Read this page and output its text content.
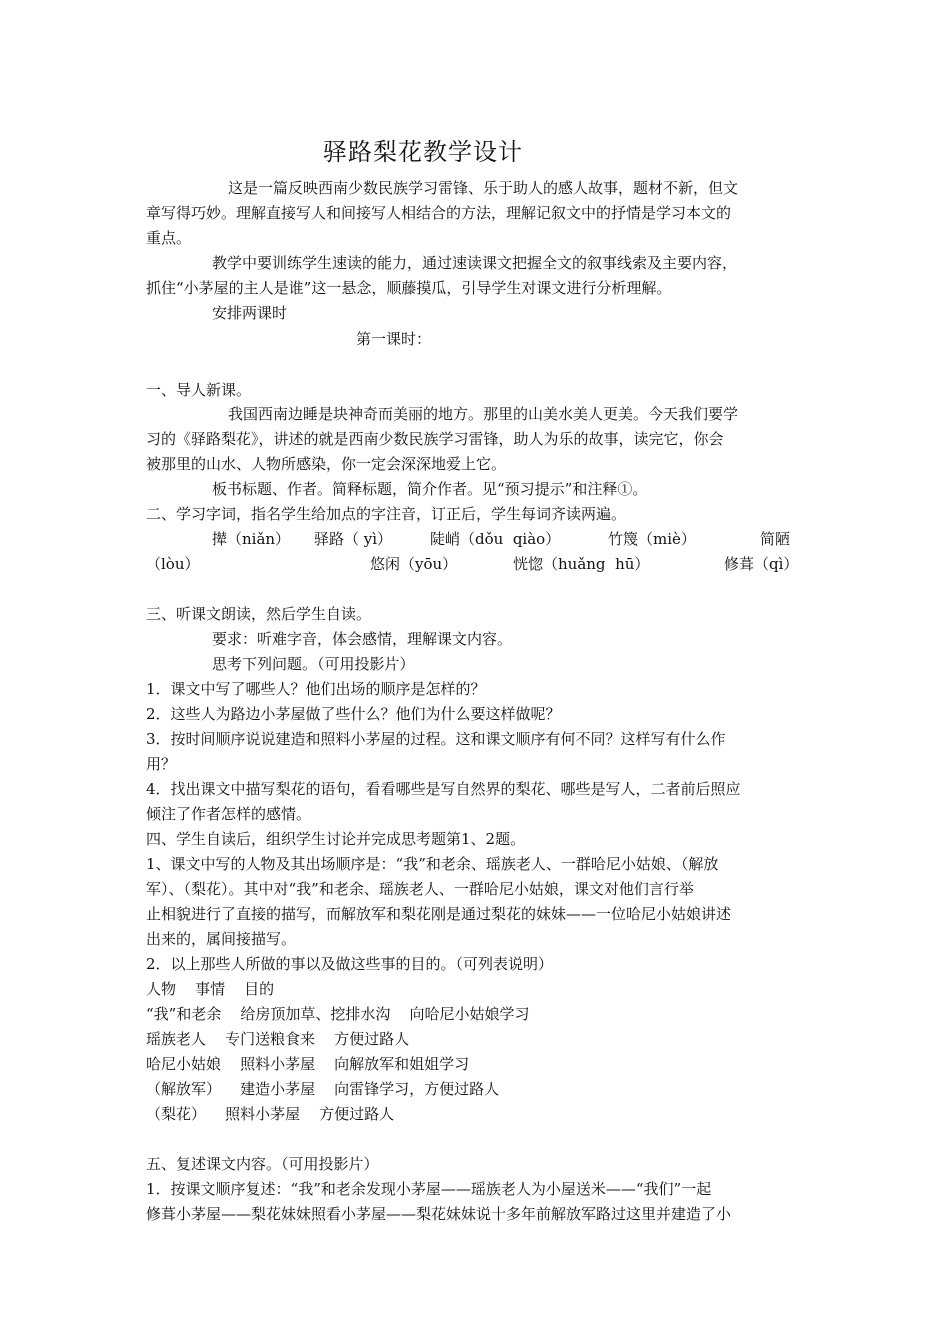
驿路梨花教学设计
这是一篇反映西南少数民族学习雷锋、乐于助人的感人故事，题材不新，但文
章写得巧妙。理解直接写人和间接写人相结合的方法，理解记叙文中的抒情是学习本文的
重点。
教学中要训练学生速读的能力，通过速读课文把握全文的叙事线索及主要内容，
抓住“小茅屋的主人是谁”这一悬念，顺藤摸瓜，引导学生对课文进行分析理解。
安排两课时
第一课时：
一、导人新课。
我国西南边睡是块神奇而美丽的地方。那里的山美水美人更美。今天我们要学
习的《驿路梨花》，讲述的就是西南少数民族学习雷锋，助人为乐的故事，读完它，你会
被那里的山水、人物所感染，你一定会深深地爱上它。
板书标题、作者。简释标题，简介作者。见“预习提示”和注释①。
二、学习字词，指名学生给加点的字注音，订正后，学生每词齐读两遍。
撵（niǎn） 驿路（ yì）	陡峭（dǒu  qiào）	竹篾（miè）	简陋
（lòu）	悠闲（yōu）	恍惚（huǎng  hū）	修葺（qì）
三、听课文朗读，然后学生自读。
要求：听难字音，体会感情，理解课文内容。
思考下列问题。（可用投影片）
1．课文中写了哪些人？他们出场的顺序是怎样的？
2．这些人为路边小茅屋做了些什么？他们为什么要这样做呢？
3．按时间顺序说说建造和照料小茅屋的过程。这和课文顺序有何不同？这样写有什么作
用？
4．找出课文中描写梨花的语句，看看哪些是写自然界的梨花、哪些是写人，二者前后照应
倾注了作者怎样的感情。
四、学生自读后，组织学生讨论并完成思考题第1、2题。
1、课文中写的人物及其出场顺序是：“我”和老余、瑶族老人、一群哈尼小姑娘、（解放
军）、（梨花）。其中对“我”和老余、瑶族老人、一群哈尼小姑娘，课文对他们言行举
止相貌进行了直接的描写，而解放军和梨花刚是通过梨花的妹妹——一位哈尼小姑娘讲述
出来的，属间接描写。
2．以上那些人所做的事以及做这些事的目的。（可列表说明）
人物    事情    目的
“我”和老余    给房顶加草、挖排水沟    向哈尼小姑娘学习
瑶族老人    专门送粮食来    方便过路人
哈尼小姑娘    照料小茅屋    向解放军和姐姐学习
（解放军）    建造小茅屋    向雷锋学习，方便过路人
（梨花）    照料小茅屋    方便过路人
五、复述课文内容。（可用投影片）
1．按课文顺序复述：“我”和老余发现小茅屋——瑶族老人为小屋送米——“我们”一起
修葺小茅屋——梨花妹妹照看小茅屋——梨花妹妹说十多年前解放军路过这里并建造了小
